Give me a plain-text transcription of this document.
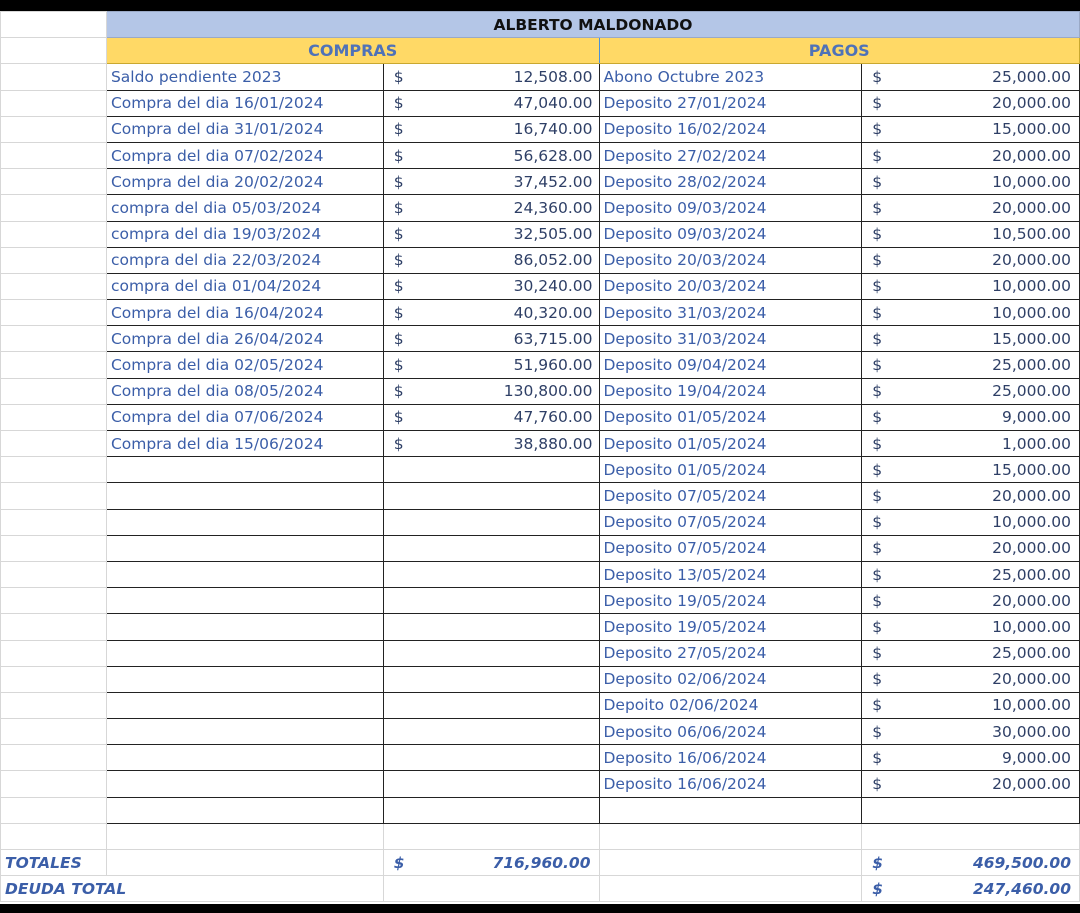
	ALBERTO MALDONADO			
	COMPRAS		PAGOS	
	Saldo pendiente 2023	$ 12,508.00	Abono Octubre 2023	$ 25,000.00
	Compra del dia 16/01/2024	$ 47,040.00	Deposito 27/01/2024	$ 20,000.00
	Compra del dia 31/01/2024	$ 16,740.00	Deposito 16/02/2024	$ 15,000.00
	Compra del dia 07/02/2024	$ 56,628.00	Deposito 27/02/2024	$ 20,000.00
	Compra del dia 20/02/2024	$ 37,452.00	Deposito 28/02/2024	$ 10,000.00
	compra del dia 05/03/2024	$ 24,360.00	Deposito 09/03/2024	$ 20,000.00
	compra del dia 19/03/2024	$ 32,505.00	Deposito 09/03/2024	$ 10,500.00
	compra del dia 22/03/2024	$ 86,052.00	Deposito 20/03/2024	$ 20,000.00
	compra del dia 01/04/2024	$ 30,240.00	Deposito 20/03/2024	$ 10,000.00
	Compra del dia 16/04/2024	$ 40,320.00	Deposito 31/03/2024	$ 10,000.00
	Compra del dia 26/04/2024	$ 63,715.00	Deposito 31/03/2024	$ 15,000.00
	Compra del dia 02/05/2024	$ 51,960.00	Deposito 09/04/2024	$ 25,000.00
	Compra del dia 08/05/2024	$ 130,800.00	Deposito 19/04/2024	$ 25,000.00
	Compra del dia 07/06/2024	$ 47,760.00	Deposito 01/05/2024	$ 9,000.00
	Compra del dia 15/06/2024	$ 38,880.00	Deposito 01/05/2024	$ 1,000.00
			Deposito 01/05/2024	$ 15,000.00
			Deposito 07/05/2024	$ 20,000.00
			Deposito 07/05/2024	$ 10,000.00
			Deposito 07/05/2024	$ 20,000.00
			Deposito 13/05/2024	$ 25,000.00
			Deposito 19/05/2024	$ 20,000.00
			Deposito 19/05/2024	$ 10,000.00
			Deposito 27/05/2024	$ 25,000.00
			Deposito 02/06/2024	$ 20,000.00
			Depoito 02/06/2024	$ 10,000.00
			Deposito 06/06/2024	$ 30,000.00
			Deposito 16/06/2024	$ 9,000.00
			Deposito 16/06/2024	$ 20,000.00

TOTALES		$ 716,960.00		$ 469,500.00
DEUDA TOTAL				$ 247,460.00
